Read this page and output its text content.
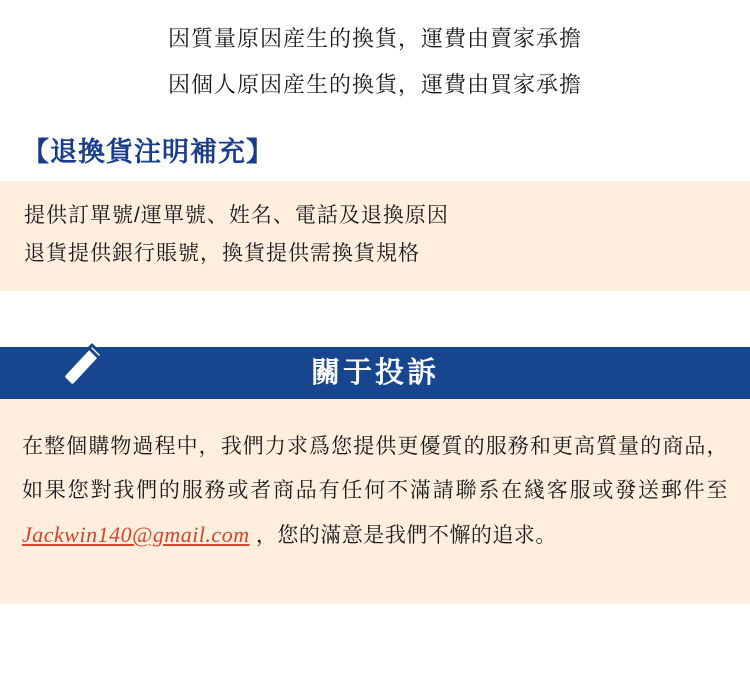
因質量原因産生的換貨，運費由賣家承擔
因個人原因産生的換貨，運費由買家承擔
【退換貨注明補充】
提供訂單號/運單號、姓名、電話及退換原因
退貨提供銀行賬號，換貨提供需換貨規格
關于投訴
在整個購物過程中，我們力求爲您提供更優質的服務和更高質量的商品，如果您對我們的服務或者商品有任何不滿請聯系在綫客服或發送郵件至 Jackwin140@gmail.com ，您的滿意是我們不懈的追求。
